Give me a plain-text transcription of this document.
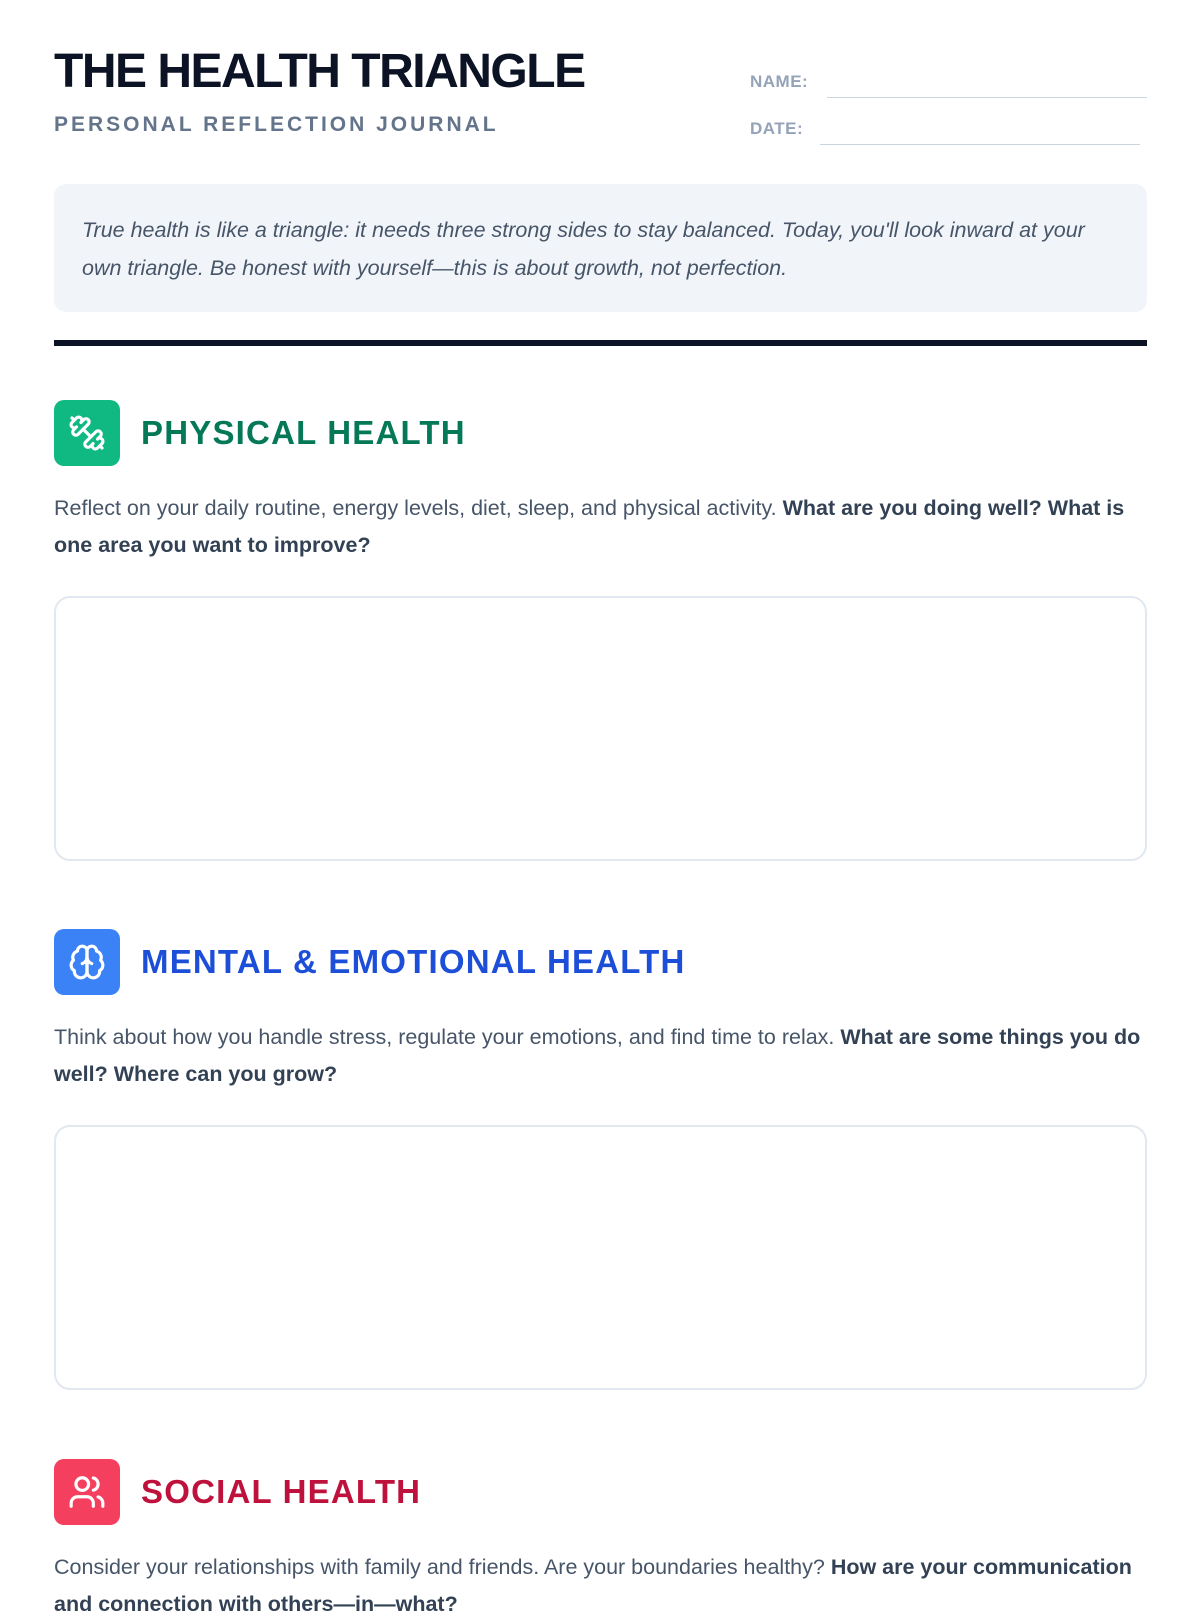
THE HEALTH TRIANGLE

PERSONAL REFLECTION JOURNAL

NAME:
DATE:

True health is like a triangle: it needs three strong sides to stay balanced. Today, you'll look inward at your own triangle. Be honest with yourself—this is about growth, not perfection.

PHYSICAL HEALTH

Reflect on your daily routine, energy levels, diet, sleep, and physical activity. What are you doing well? What is one area you want to improve?

MENTAL & EMOTIONAL HEALTH

Think about how you handle stress, regulate your emotions, and find time to relax. What are some things you do well? Where can you grow?

SOCIAL HEALTH

Consider your relationships with family and friends. Are your boundaries healthy? How are your communication and connection with others—in—what?
